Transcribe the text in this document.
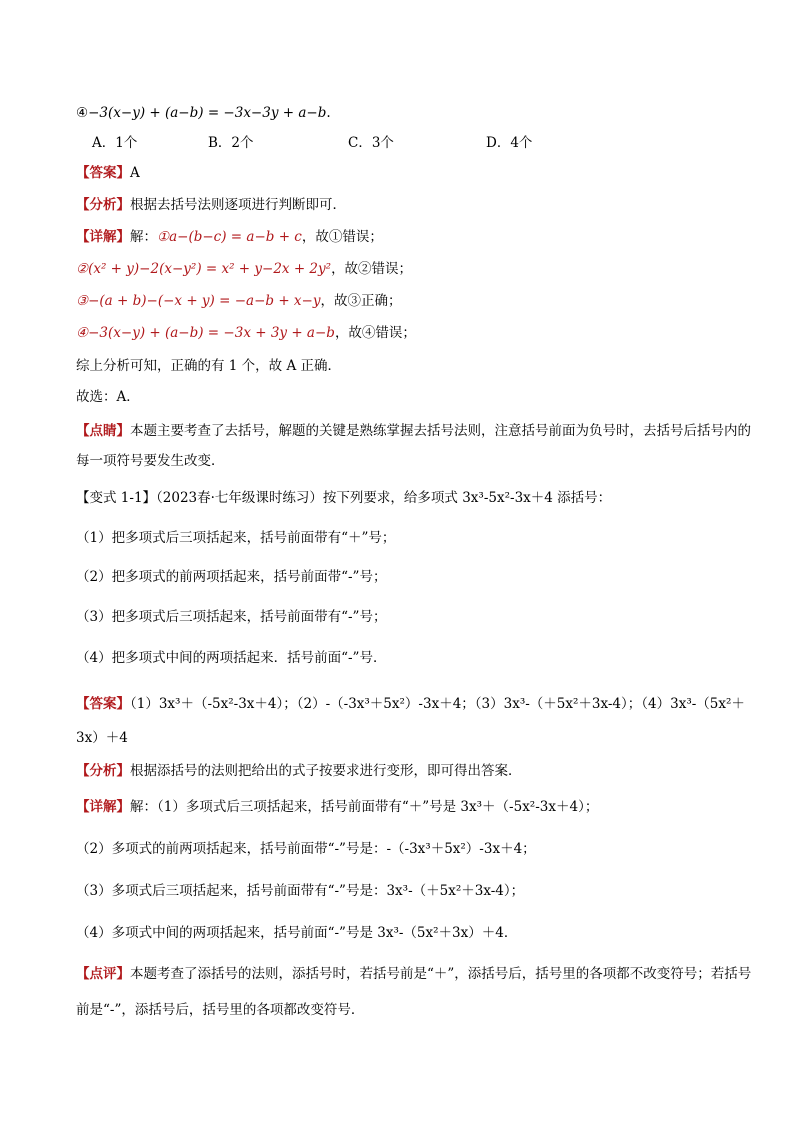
④−3(x−y) + (a−b) = −3x−3y + a−b.
A．1个	B．2个	C．3个	D．4个
【答案】A
【分析】根据去括号法则逐项进行判断即可．
【详解】解：①a−(b−c) = a−b + c，故①错误；
②(x² + y)−2(x−y²) = x² + y−2x + 2y²，故②错误；
③−(a + b)−(−x + y) = −a−b + x−y，故③正确；
④−3(x−y) + (a−b) = −3x + 3y + a−b，故④错误；
综上分析可知，正确的有 1 个，故 A 正确．
故选：A．
【点睛】本题主要考查了去括号，解题的关键是熟练掌握去括号法则，注意括号前面为负号时，去括号后括号内的每一项符号要发生改变．
【变式 1-1】（2023春·七年级课时练习）按下列要求，给多项式 3x³-5x²-3x＋4 添括号：
（1）把多项式后三项括起来，括号前面带有“＋”号；
（2）把多项式的前两项括起来，括号前面带“-”号；
（3）把多项式后三项括起来，括号前面带有“-”号；
（4）把多项式中间的两项括起来．括号前面“-”号．
【答案】（1）3x³＋（-5x²-3x＋4）；（2）-（-3x³＋5x²）-3x＋4；（3）3x³-（＋5x²＋3x-4）；（4）3x³-（5x²＋3x）＋4
【分析】根据添括号的法则把给出的式子按要求进行变形，即可得出答案．
【详解】解：（1）多项式后三项括起来，括号前面带有“＋”号是 3x³＋（-5x²-3x＋4）；
（2）多项式的前两项括起来，括号前面带“-”号是：-（-3x³＋5x²）-3x＋4；
（3）多项式后三项括起来，括号前面带有“-”号是：3x³-（＋5x²＋3x-4）；
（4）多项式中间的两项括起来，括号前面“-”号是 3x³-（5x²＋3x）＋4．
【点评】本题考查了添括号的法则，添括号时，若括号前是“＋”，添括号后，括号里的各项都不改变符号；若括号前是“-”，添括号后，括号里的各项都改变符号．
